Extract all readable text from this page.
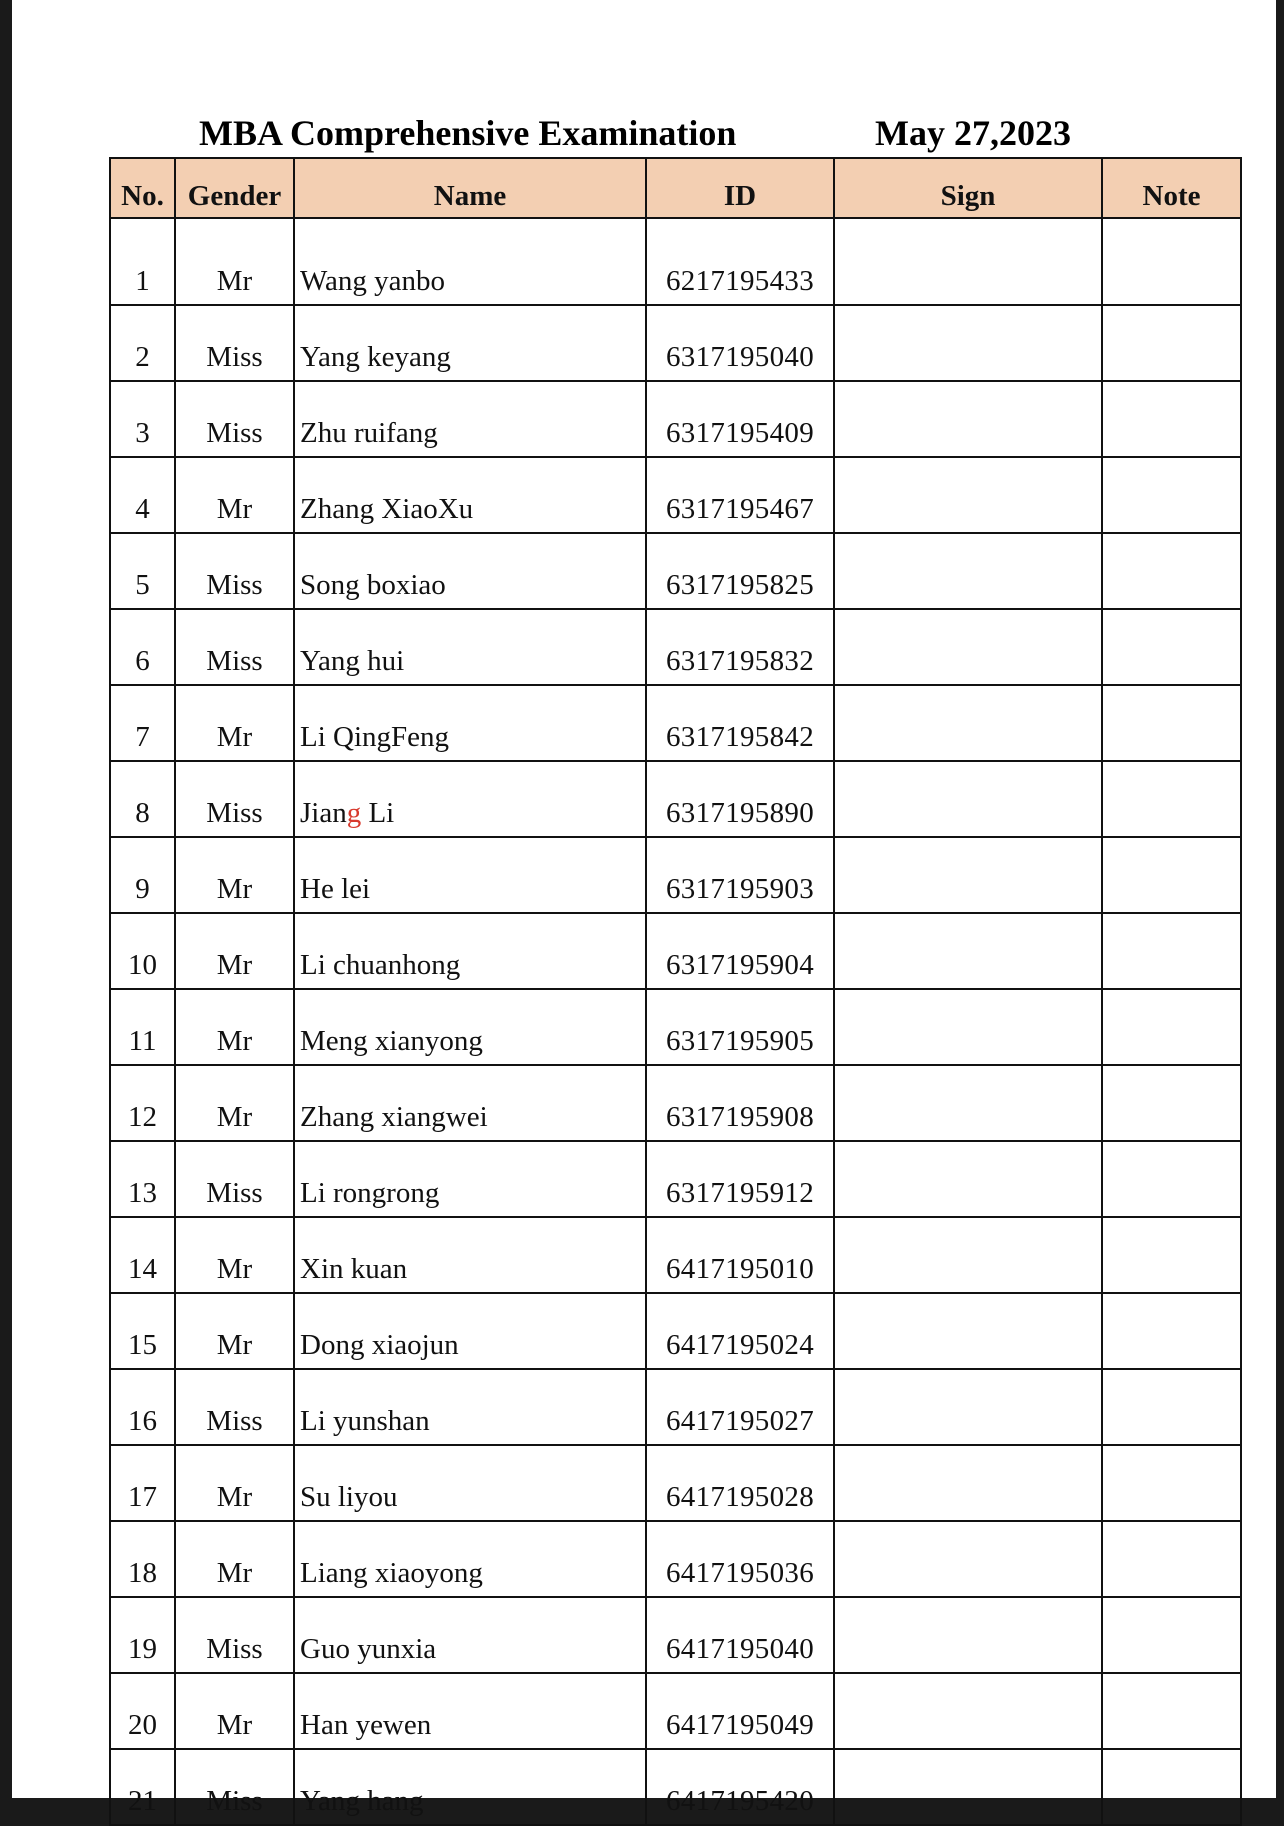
MBA Comprehensive Examination	May 27,2023
No.	Gender	Name	ID	Sign	Note
1	Mr	Wang yanbo	6217195433		
2	Miss	Yang keyang	6317195040		
3	Miss	Zhu ruifang	6317195409		
4	Mr	Zhang XiaoXu	6317195467		
5	Miss	Song boxiao	6317195825		
6	Miss	Yang hui	6317195832		
7	Mr	Li QingFeng	6317195842		
8	Miss	Jiang Li	6317195890		
9	Mr	He lei	6317195903		
10	Mr	Li chuanhong	6317195904		
11	Mr	Meng xianyong	6317195905		
12	Mr	Zhang xiangwei	6317195908		
13	Miss	Li rongrong	6317195912		
14	Mr	Xin kuan	6417195010		
15	Mr	Dong xiaojun	6417195024		
16	Miss	Li yunshan	6417195027		
17	Mr	Su liyou	6417195028		
18	Mr	Liang xiaoyong	6417195036		
19	Miss	Guo yunxia	6417195040		
20	Mr	Han yewen	6417195049		
21	Miss	Yang hang	6417195420		
